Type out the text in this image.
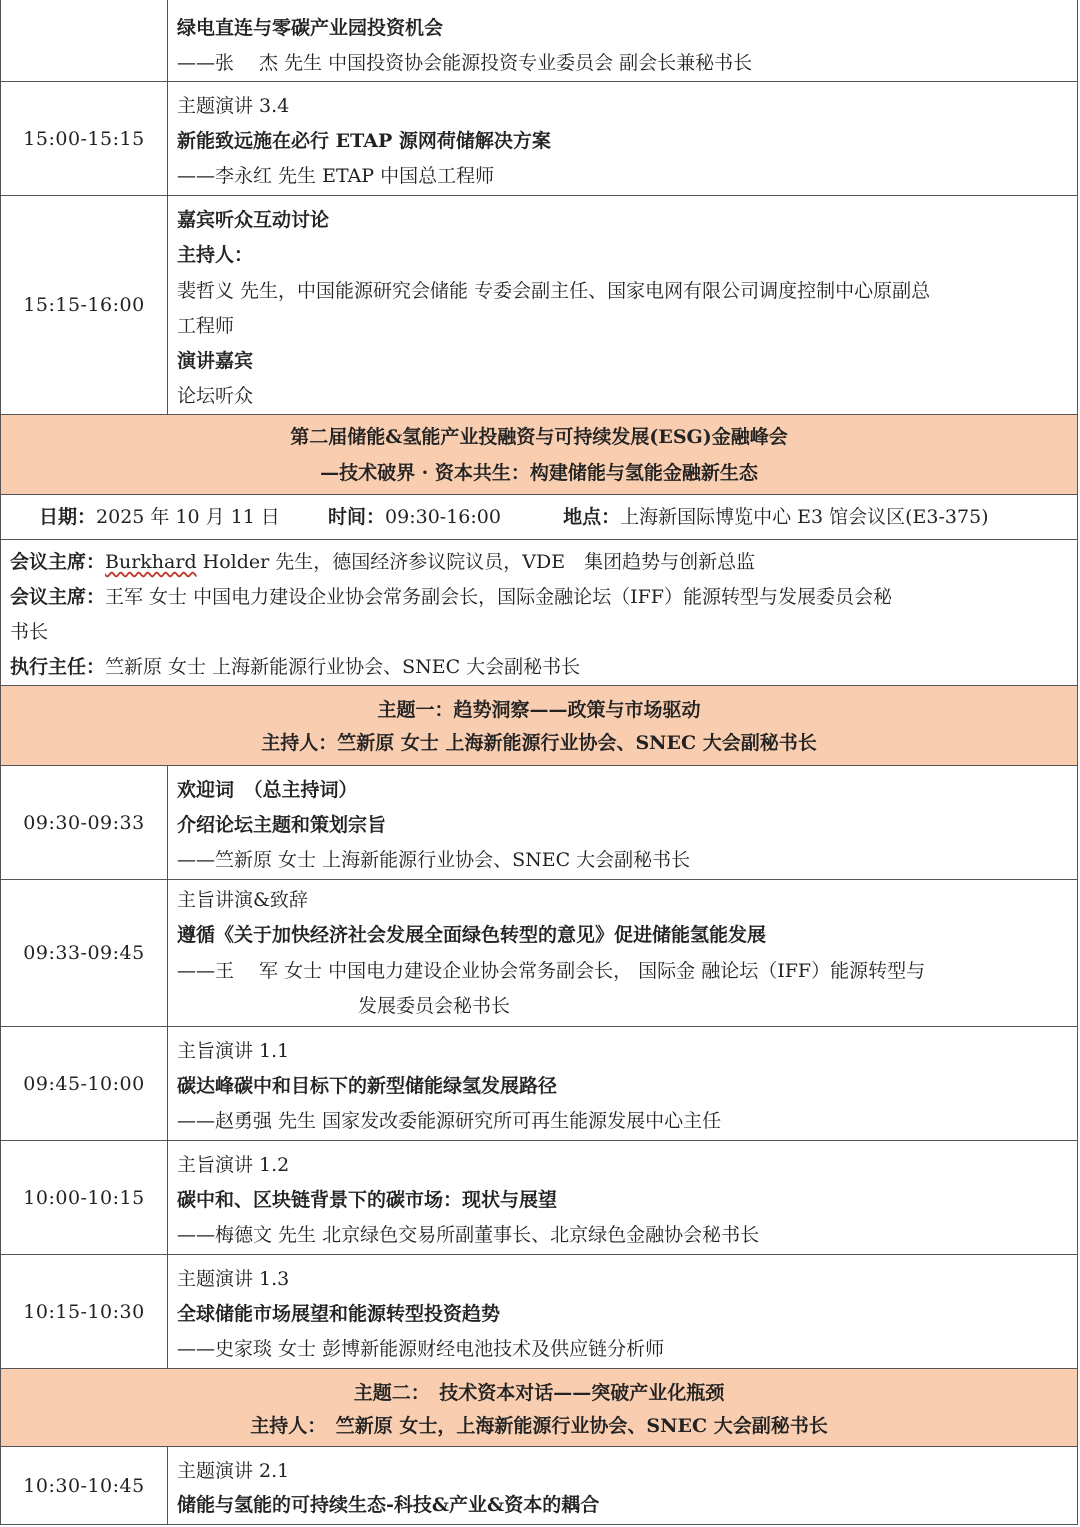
绿电直连与零碳产业园投资机会
——张　 杰 先生 中国投资协会能源投资专业委员会 副会长兼秘书长
15:00-15:15
主题演讲 3.4
新能致远施在必行 ETAP 源网荷储解决方案
——李永红 先生 ETAP 中国总工程师
15:15-16:00
嘉宾听众互动讨论
主持人：
裴哲义 先生，中国能源研究会储能 专委会副主任、国家电网有限公司调度控制中心原副总
工程师
演讲嘉宾
论坛听众
第二届储能&氢能产业投融资与可持续发展(ESG)金融峰会
—技术破界 · 资本共生：构建储能与氢能金融新生态
日期：2025 年 10 月 11 日	时间：09:30-16:00	地点：上海新国际博览中心 E3 馆会议区(E3-375)
会议主席：Burkhard Holder 先生，德国经济参议院议员，VDE　集团趋势与创新总监
会议主席：王军 女士 中国电力建设企业协会常务副会长，国际金融论坛（IFF）能源转型与发展委员会秘
书长
执行主任：竺新原 女士 上海新能源行业协会、SNEC 大会副秘书长
主题一：趋势洞察——政策与市场驱动
主持人：竺新原 女士 上海新能源行业协会、SNEC 大会副秘书长
09:30-09:33
欢迎词　（总主持词）
介绍论坛主题和策划宗旨
——竺新原 女士 上海新能源行业协会、SNEC 大会副秘书长
09:33-09:45
主旨讲演&致辞
遵循《关于加快经济社会发展全面绿色转型的意见》促进储能氢能发展
——王　 军 女士 中国电力建设企业协会常务副会长， 国际金 融论坛（IFF）能源转型与
发展委员会秘书长
09:45-10:00
主旨演讲 1.1
碳达峰碳中和目标下的新型储能绿氢发展路径
——赵勇强 先生 国家发改委能源研究所可再生能源发展中心主任
10:00-10:15
主旨演讲 1.2
碳中和、区块链背景下的碳市场：现状与展望
——梅德文 先生 北京绿色交易所副董事长、北京绿色金融协会秘书长
10:15-10:30
主题演讲 1.3
全球储能市场展望和能源转型投资趋势
——史家琰 女士 彭博新能源财经电池技术及供应链分析师
主题二：　技术资本对话——突破产业化瓶颈
主持人：　竺新原 女士，上海新能源行业协会、SNEC 大会副秘书长
10:30-10:45
主题演讲 2.1
储能与氢能的可持续生态-科技&产业&资本的耦合
